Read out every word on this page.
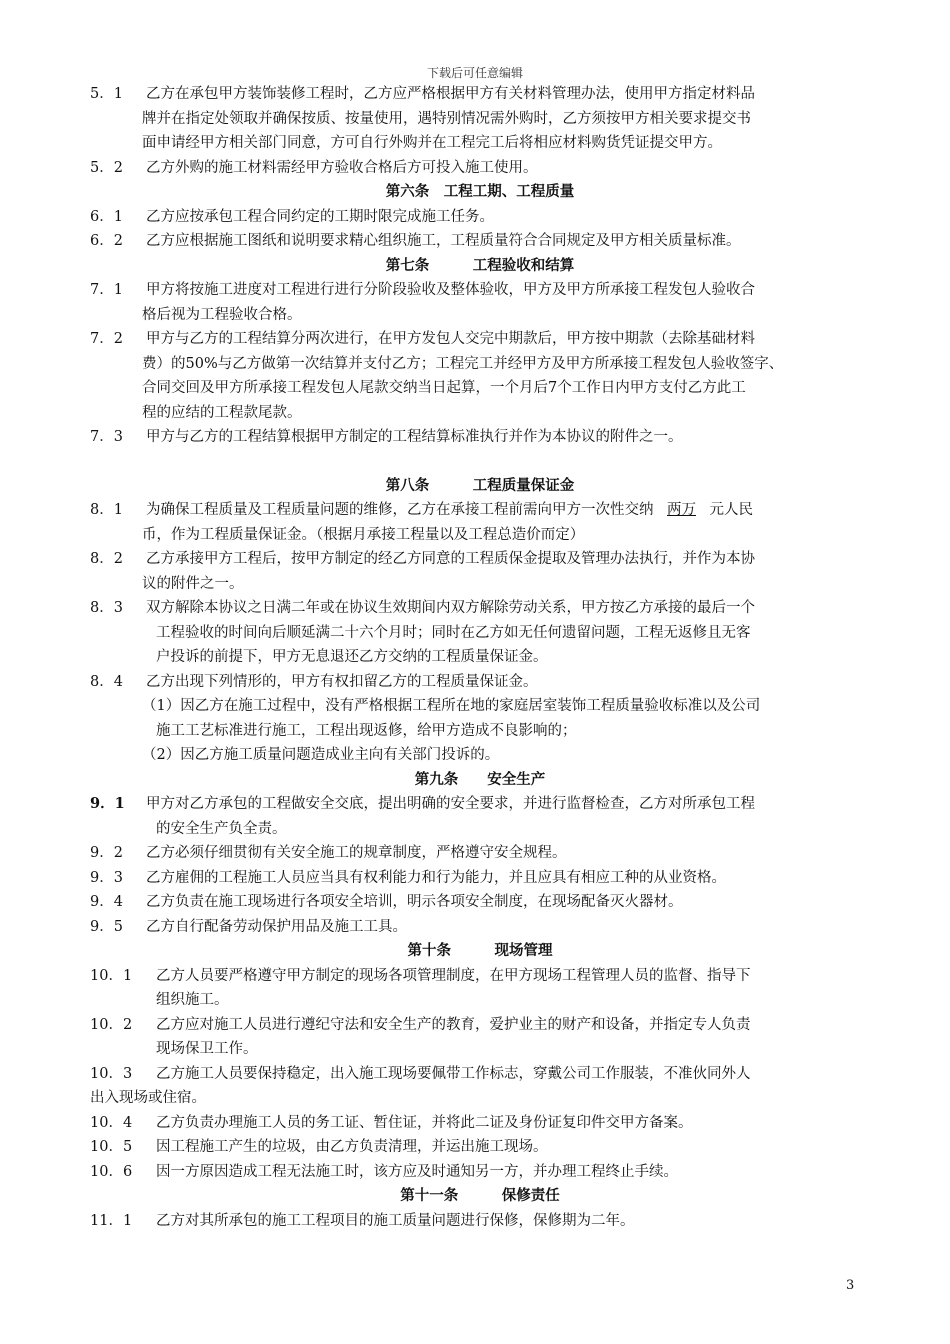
下载后可任意编辑
5．1 乙方在承包甲方装饰装修工程时，乙方应严格根据甲方有关材料管理办法，使用甲方指定材料品
牌并在指定处领取并确保按质、按量使用，遇特别情况需外购时，乙方须按甲方相关要求提交书
面申请经甲方相关部门同意，方可自行外购并在工程完工后将相应材料购货凭证提交甲方。
5．2 乙方外购的施工材料需经甲方验收合格后方可投入施工使用。
第六条　工程工期、工程质量
6．1 乙方应按承包工程合同约定的工期时限完成施工任务。
6．2 乙方应根据施工图纸和说明要求精心组织施工，工程质量符合合同规定及甲方相关质量标准。
第七条　　　工程验收和结算
7．1 甲方将按施工进度对工程进行进行分阶段验收及整体验收，甲方及甲方所承接工程发包人验收合
格后视为工程验收合格。
7．2 甲方与乙方的工程结算分两次进行，在甲方发包人交完中期款后，甲方按中期款（去除基础材料
费）的50%与乙方做第一次结算并支付乙方；工程完工并经甲方及甲方所承接工程发包人验收签字、
合同交回及甲方所承接工程发包人尾款交纳当日起算，一个月后7个工作日内甲方支付乙方此工
程的应结的工程款尾款。
7．3 甲方与乙方的工程结算根据甲方制定的工程结算标准执行并作为本协议的附件之一。
第八条　　　工程质量保证金
8．1 为确保工程质量及工程质量问题的维修，乙方在承接工程前需向甲方一次性交纳 两万 元人民
币，作为工程质量保证金。（根据月承接工程量以及工程总造价而定）
8．2 乙方承接甲方工程后，按甲方制定的经乙方同意的工程质保金提取及管理办法执行，并作为本协
议的附件之一。
8．3 双方解除本协议之日满二年或在协议生效期间内双方解除劳动关系，甲方按乙方承接的最后一个
工程验收的时间向后顺延满二十六个月时；同时在乙方如无任何遗留问题，工程无返修且无客
户投诉的前提下，甲方无息退还乙方交纳的工程质量保证金。
8．4 乙方出现下列情形的，甲方有权扣留乙方的工程质量保证金。
（1）因乙方在施工过程中，没有严格根据工程所在地的家庭居室装饰工程质量验收标准以及公司
施工工艺标准进行施工，工程出现返修，给甲方造成不良影响的；
（2）因乙方施工质量问题造成业主向有关部门投诉的。
第九条　　安全生产
9．1 甲方对乙方承包的工程做安全交底，提出明确的安全要求，并进行监督检查，乙方对所承包工程
的安全生产负全责。
9．2 乙方必须仔细贯彻有关安全施工的规章制度，严格遵守安全规程。
9．3 乙方雇佣的工程施工人员应当具有权利能力和行为能力，并且应具有相应工种的从业资格。
9．4 乙方负责在施工现场进行各项安全培训，明示各项安全制度，在现场配备灭火器材。
9．5 乙方自行配备劳动保护用品及施工工具。
第十条　　　现场管理
10．1 乙方人员要严格遵守甲方制定的现场各项管理制度，在甲方现场工程管理人员的监督、指导下
组织施工。
10．2 乙方应对施工人员进行遵纪守法和安全生产的教育，爱护业主的财产和设备，并指定专人负责
现场保卫工作。
10．3 乙方施工人员要保持稳定，出入施工现场要佩带工作标志，穿戴公司工作服装，不准伙同外人
出入现场或住宿。
10．4 乙方负责办理施工人员的务工证、暂住证，并将此二证及身份证复印件交甲方备案。
10．5 因工程施工产生的垃圾，由乙方负责清理，并运出施工现场。
10．6 因一方原因造成工程无法施工时，该方应及时通知另一方，并办理工程终止手续。
第十一条　　　保修责任
11．1 乙方对其所承包的施工工程项目的施工质量问题进行保修，保修期为二年。
3
